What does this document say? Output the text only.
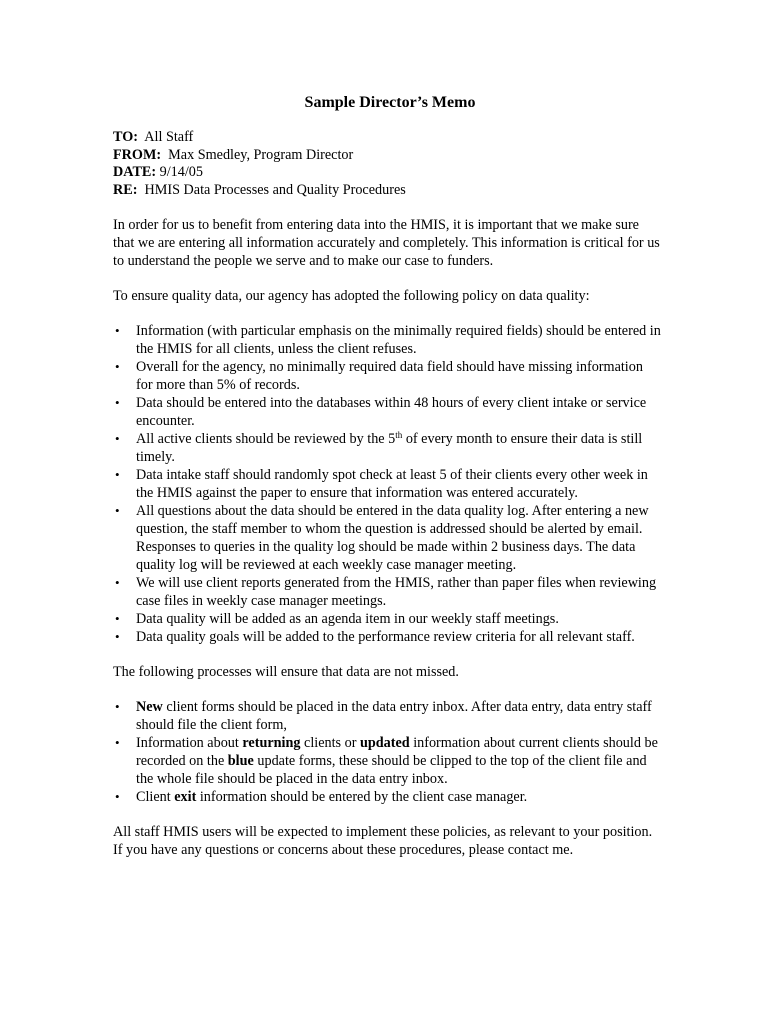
Sample Director’s Memo

TO: All Staff

FROM: Max Smedley, Program Director

DATE: 9/14/05

RE: HMIS Data Processes and Quality Procedures

In order for us to benefit from entering data into the HMIS, it is important that we make sure that we are entering all information accurately and completely. This information is critical for us to understand the people we serve and to make our case to funders.

To ensure quality data, our agency has adopted the following policy on data quality:

• Information (with particular emphasis on the minimally required fields) should be entered in the HMIS for all clients, unless the client refuses.
• Overall for the agency, no minimally required data field should have missing information for more than 5% of records.
• Data should be entered into the databases within 48 hours of every client intake or service encounter.
• All active clients should be reviewed by the 5th of every month to ensure their data is still timely.
• Data intake staff should randomly spot check at least 5 of their clients every other week in the HMIS against the paper to ensure that information was entered accurately.
• All questions about the data should be entered in the data quality log. After entering a new question, the staff member to whom the question is addressed should be alerted by email. Responses to queries in the quality log should be made within 2 business days. The data quality log will be reviewed at each weekly case manager meeting.
• We will use client reports generated from the HMIS, rather than paper files when reviewing case files in weekly case manager meetings.
• Data quality will be added as an agenda item in our weekly staff meetings.
• Data quality goals will be added to the performance review criteria for all relevant staff.

The following processes will ensure that data are not missed.

• New client forms should be placed in the data entry inbox. After data entry, data entry staff should file the client form,
• Information about returning clients or updated information about current clients should be recorded on the blue update forms, these should be clipped to the top of the client file and the whole file should be placed in the data entry inbox.
• Client exit information should be entered by the client case manager.

All staff HMIS users will be expected to implement these policies, as relevant to your position. If you have any questions or concerns about these procedures, please contact me.
